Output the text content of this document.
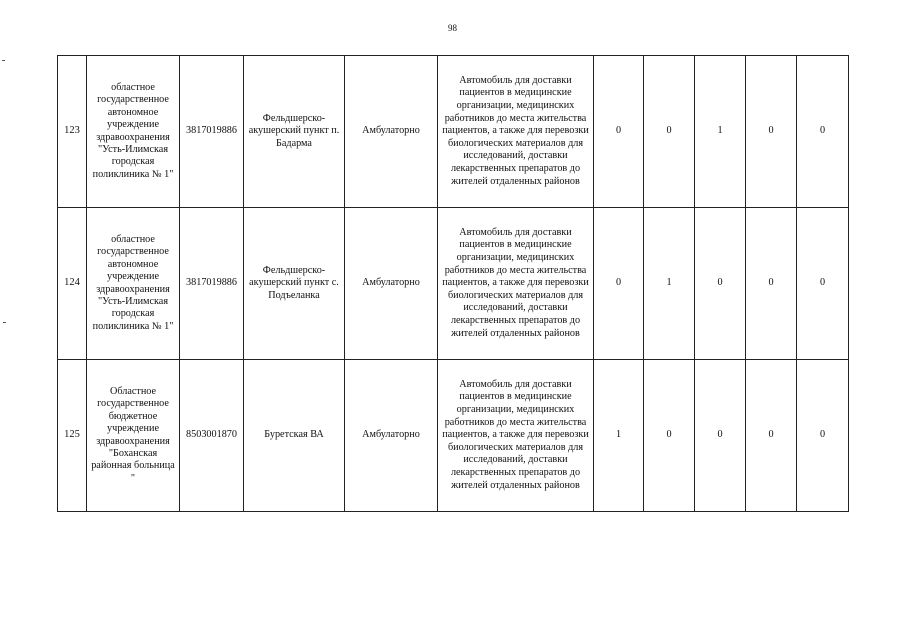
98
123	областное государственное автономное учреждение здравоохранения "Усть-Илимская городская поликлиника № 1"	3817019886	Фельдшерско-акушерский пункт п. Бадарма	Амбулаторно	Автомобиль для доставки пациентов в медицинские организации, медицинских работников до места жительства пациентов, а также для перевозки биологических материалов для исследований, доставки лекарственных препаратов до жителей отдаленных районов	0	0	1	0	0
124	областное государственное автономное учреждение здравоохранения "Усть-Илимская городская поликлиника № 1"	3817019886	Фельдшерско-акушерский пункт с. Подъеланка	Амбулаторно	Автомобиль для доставки пациентов в медицинские организации, медицинских работников до места жительства пациентов, а также для перевозки биологических материалов для исследований, доставки лекарственных препаратов до жителей отдаленных районов	0	1	0	0	0
125	Областное государственное бюджетное учреждение здравоохранения "Боханская районная больница "	8503001870	Буретская ВА	Амбулаторно	Автомобиль для доставки пациентов в медицинские организации, медицинских работников до места жительства пациентов, а также для перевозки биологических материалов для исследований, доставки лекарственных препаратов до жителей отдаленных районов	1	0	0	0	0
